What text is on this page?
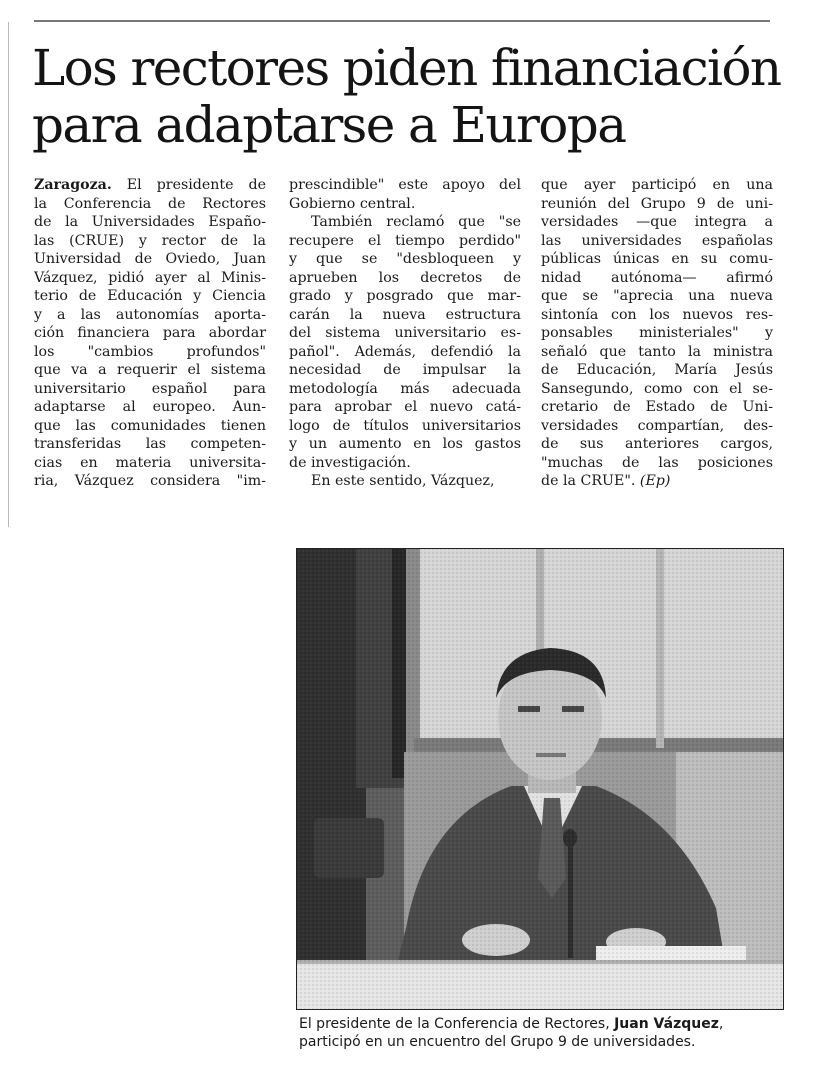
Los rectores piden financiación
para adaptarse a Europa
Zaragoza. El presidente de
la Conferencia de Rectores
de la Universidades Españo-
las (CRUE) y rector de la
Universidad de Oviedo, Juan
Vázquez, pidió ayer al Minis-
terio de Educación y Ciencia
y a las autonomías aporta-
ción financiera para abordar
los "cambios profundos"
que va a requerir el sistema
universitario español para
adaptarse al europeo. Aun-
que las comunidades tienen
transferidas las competen-
cias en materia universita-
ria, Vázquez considera "im-
prescindible" este apoyo del
Gobierno central.
También reclamó que "se
recupere el tiempo perdido"
y que se "desbloqueen y
aprueben los decretos de
grado y posgrado que mar-
carán la nueva estructura
del sistema universitario es-
pañol". Además, defendió la
necesidad de impulsar la
metodología más adecuada
para aprobar el nuevo catá-
logo de títulos universitarios
y un aumento en los gastos
de investigación.
En este sentido, Vázquez,
que ayer participó en una
reunión del Grupo 9 de uni-
versidades —que integra a
las universidades españolas
públicas únicas en su comu-
nidad autónoma— afirmó
que se "aprecia una nueva
sintonía con los nuevos res-
ponsables ministeriales" y
señaló que tanto la ministra
de Educación, María Jesús
Sansegundo, como con el se-
cretario de Estado de Uni-
versidades compartían, des-
de sus anteriores cargos,
"muchas de las posiciones
de la CRUE". (Ep)
El presidente de la Conferencia de Rectores, Juan Vázquez,
participó en un encuentro del Grupo 9 de universidades.
